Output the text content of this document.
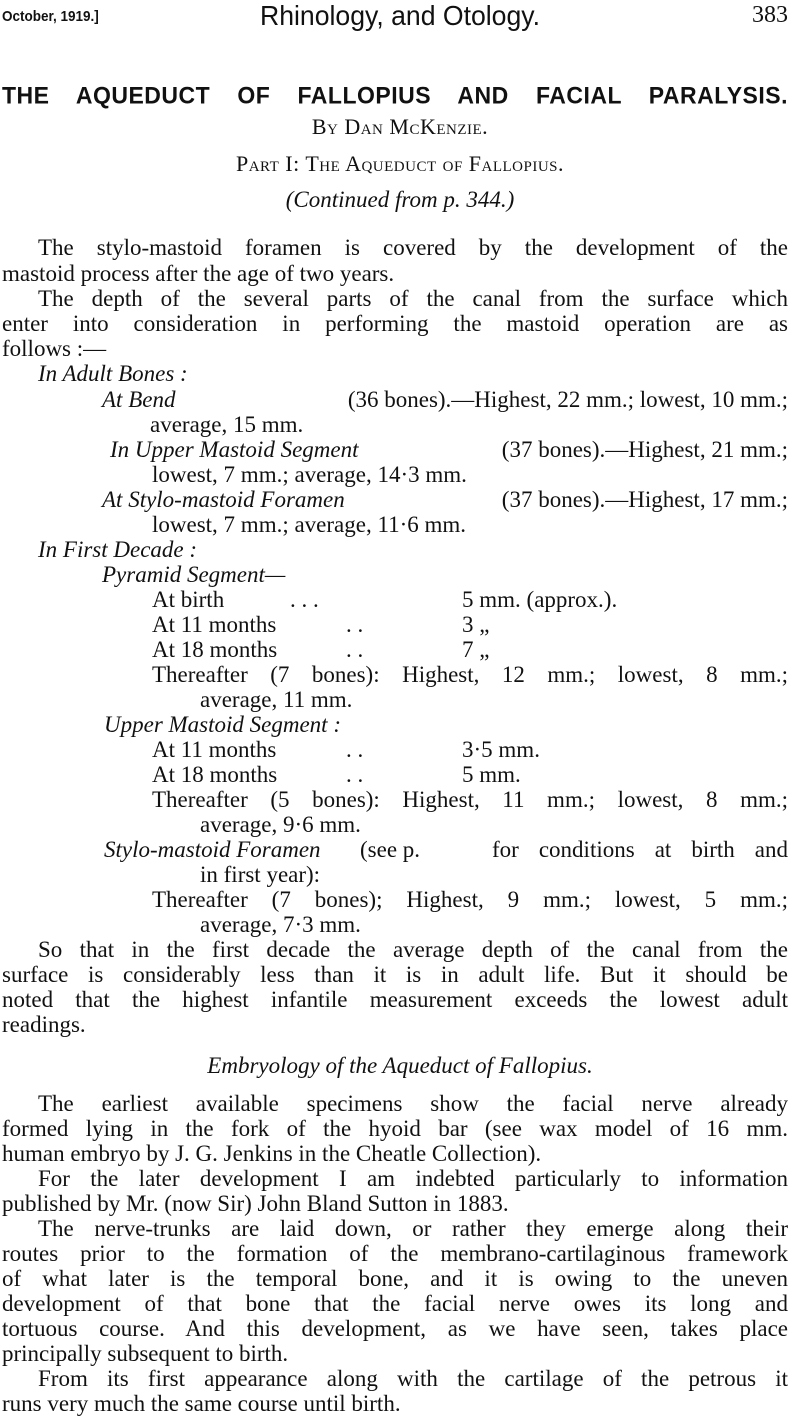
October, 1919.]	Rhinology, and Otology.	383
THE AQUEDUCT OF FALLOPIUS AND FACIAL PARALYSIS.
By Dan McKenzie.
Part I: The Aqueduct of Fallopius.
(Continued from p. 344.)
The stylo-mastoid foramen is covered by the development of the
mastoid process after the age of two years.
The depth of the several parts of the canal from the surface which
enter into consideration in performing the mastoid operation are as
follows :—
In Adult Bones :
At Bend	(36 bones).—Highest, 22 mm.; lowest, 10 mm.;
average, 15 mm.
In Upper Mastoid Segment	(37 bones).—Highest, 21 mm.;
lowest, 7 mm.; average, 14·3 mm.
At Stylo-mastoid Foramen	(37 bones).—Highest, 17 mm.;
lowest, 7 mm.; average, 11·6 mm.
In First Decade :
Pyramid Segment—
At birth	. . .	5 mm. (approx.).
At 11 months	. .	3 „
At 18 months	. .	7 „
Thereafter (7 bones): Highest, 12 mm.; lowest, 8 mm.;
average, 11 mm.
Upper Mastoid Segment :
At 11 months	. .	3·5 mm.
At 18 months	. .	5 mm.
Thereafter (5 bones): Highest, 11 mm.; lowest, 8 mm.;
average, 9·6 mm.
Stylo-mastoid Foramen (see p.	for conditions at birth and
in first year):
Thereafter (7 bones); Highest, 9 mm.; lowest, 5 mm.;
average, 7·3 mm.
So that in the first decade the average depth of the canal from the
surface is considerably less than it is in adult life. But it should be
noted that the highest infantile measurement exceeds the lowest adult
readings.
Embryology of the Aqueduct of Fallopius.
The earliest available specimens show the facial nerve already
formed lying in the fork of the hyoid bar (see wax model of 16 mm.
human embryo by J. G. Jenkins in the Cheatle Collection).
For the later development I am indebted particularly to information
published by Mr. (now Sir) John Bland Sutton in 1883.
The nerve-trunks are laid down, or rather they emerge along their
routes prior to the formation of the membrano-cartilaginous framework
of what later is the temporal bone, and it is owing to the uneven
development of that bone that the facial nerve owes its long and
tortuous course. And this development, as we have seen, takes place
principally subsequent to birth.
From its first appearance along with the cartilage of the petrous it
runs very much the same course until birth.
